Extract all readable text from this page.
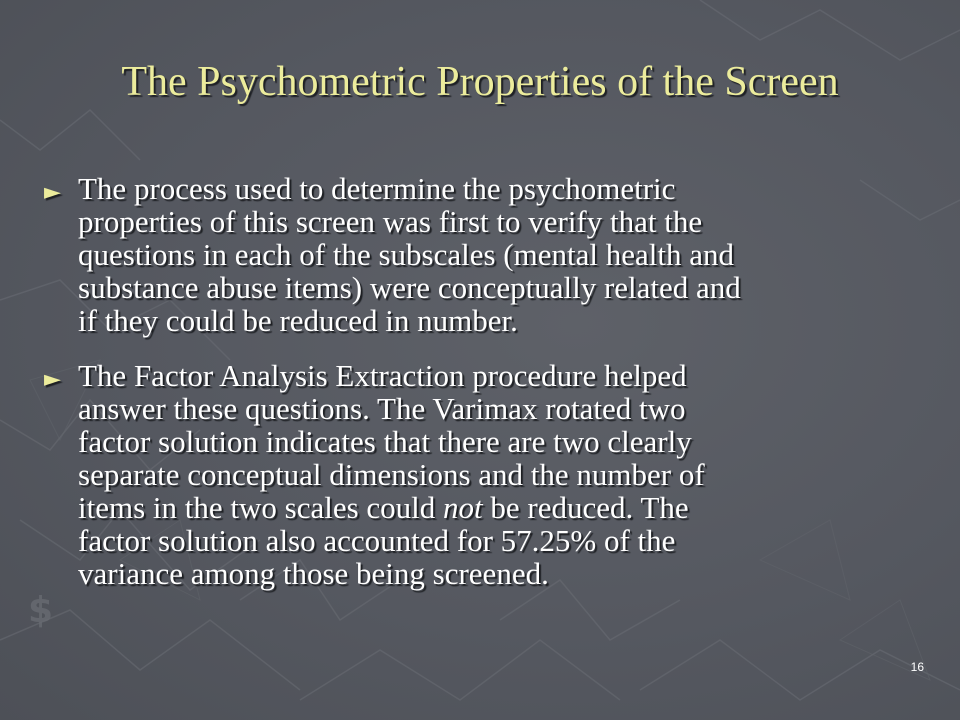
$
The Psychometric Properties of the Screen
► The process used to determine the psychometric
properties of this screen was first to verify that the
questions in each of the subscales (mental health and
substance abuse items) were conceptually related and
if they could be reduced in number.
► The Factor Analysis Extraction procedure helped
answer these questions. The Varimax rotated two
factor solution indicates that there are two clearly
separate conceptual dimensions and the number of
items in the two scales could not be reduced. The
factor solution also accounted for 57.25% of the
variance among those being screened.
16
